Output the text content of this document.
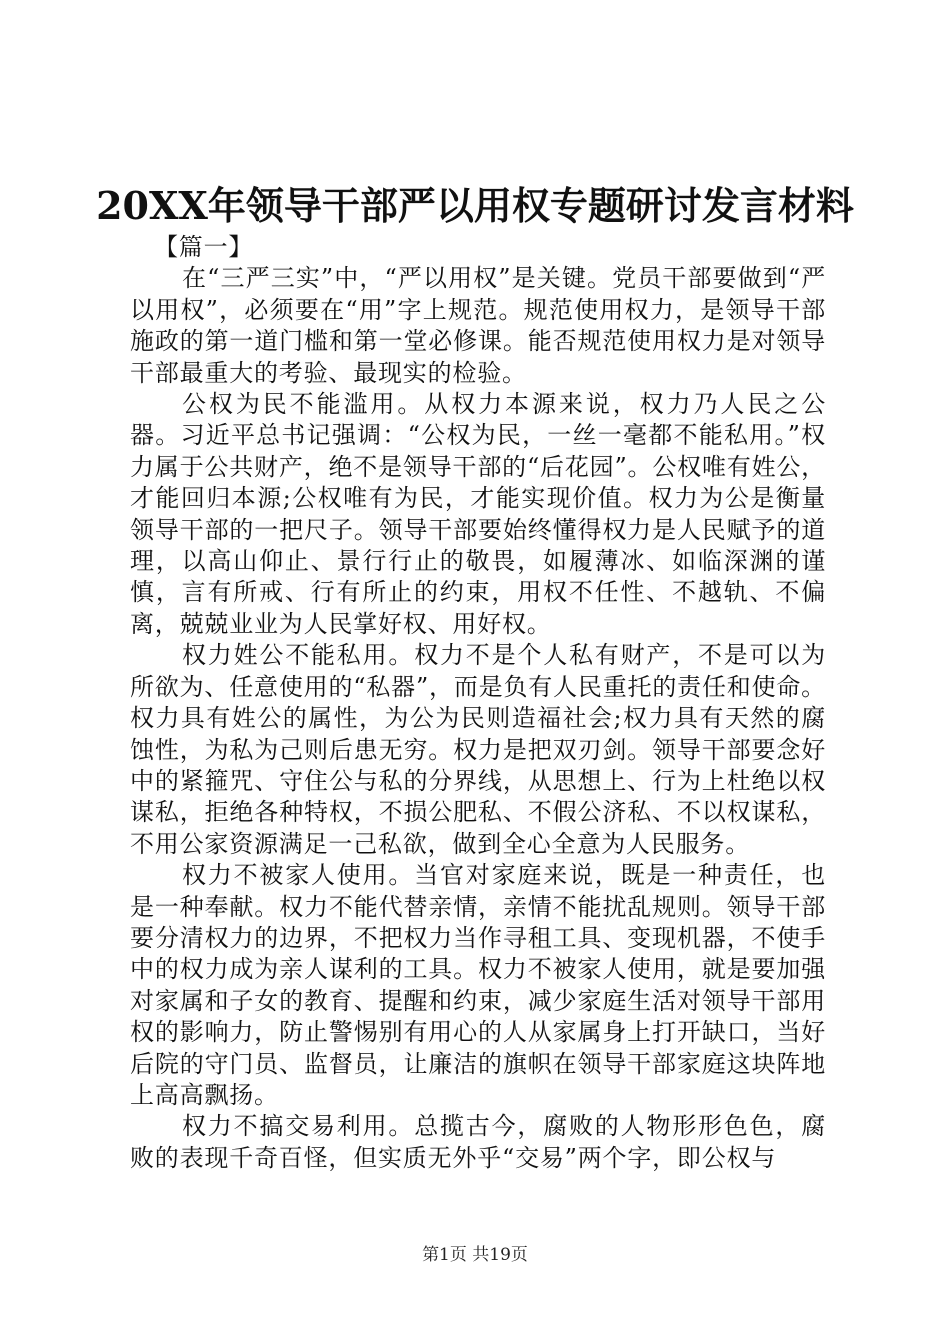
20XX年领导干部严以用权专题研讨发言材料

【篇一】

在“三严三实”中，“严以用权”是关键。党员干部要做到“严以用权”，必须要在“用”字上规范。规范使用权力，是领导干部施政的第一道门槛和第一堂必修课。能否规范使用权力是对领导干部最重大的考验、最现实的检验。

公权为民不能滥用。从权力本源来说，权力乃人民之公器。习近平总书记强调：“公权为民，一丝一毫都不能私用。”权力属于公共财产，绝不是领导干部的“后花园”。公权唯有姓公，才能回归本源;公权唯有为民，才能实现价值。权力为公是衡量领导干部的一把尺子。领导干部要始终懂得权力是人民赋予的道理，以高山仰止、景行行止的敬畏，如履薄冰、如临深渊的谨慎，言有所戒、行有所止的约束，用权不任性、不越轨、不偏离，兢兢业业为人民掌好权、用好权。

权力姓公不能私用。权力不是个人私有财产，不是可以为所欲为、任意使用的“私器”，而是负有人民重托的责任和使命。权力具有姓公的属性，为公为民则造福社会;权力具有天然的腐蚀性，为私为己则后患无穷。权力是把双刃剑。领导干部要念好中的紧箍咒、守住公与私的分界线，从思想上、行为上杜绝以权谋私，拒绝各种特权，不损公肥私、不假公济私、不以权谋私，不用公家资源满足一己私欲，做到全心全意为人民服务。

权力不被家人使用。当官对家庭来说，既是一种责任，也是一种奉献。权力不能代替亲情，亲情不能扰乱规则。领导干部要分清权力的边界，不把权力当作寻租工具、变现机器，不使手中的权力成为亲人谋利的工具。权力不被家人使用，就是要加强对家属和子女的教育、提醒和约束，减少家庭生活对领导干部用权的影响力，防止警惕别有用心的人从家属身上打开缺口，当好后院的守门员、监督员，让廉洁的旗帜在领导干部家庭这块阵地上高高飘扬。

权力不搞交易利用。总揽古今，腐败的人物形形色色，腐败的表现千奇百怪，但实质无外乎“交易”两个字，即公权与

第1页 共19页
